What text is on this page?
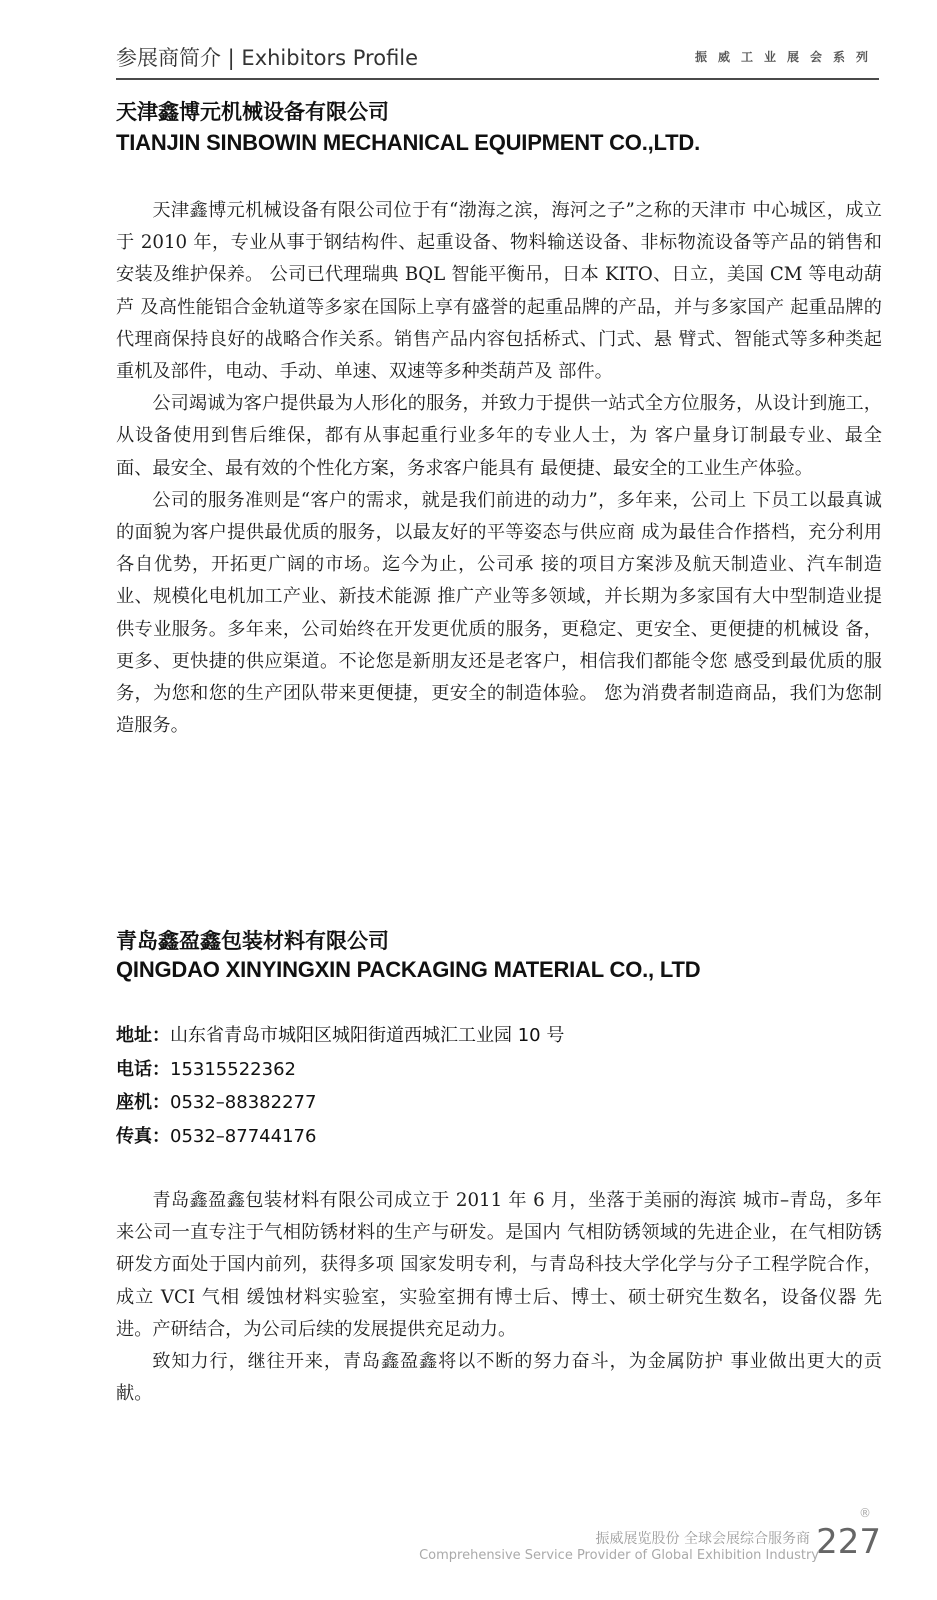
参展商简介 | Exhibitors Profile	振威工业展会系列
天津鑫博元机械设备有限公司
TIANJIN SINBOWIN MECHANICAL EQUIPMENT CO.,LTD.

天津鑫博元机械设备有限公司位于有“渤海之滨，海河之子”之称的天津市 中心城区，成立于 2010 年，专业从事于钢结构件、起重设备、物料输送设备、非标物流设备等产品的销售和安装及维护保养。 公司已代理瑞典 BQL 智能平衡吊，日本 KITO、日立，美国 CM 等电动葫芦 及高性能铝合金轨道等多家在国际上享有盛誉的起重品牌的产品，并与多家国产 起重品牌的代理商保持良好的战略合作关系。销售产品内容包括桥式、门式、悬 臂式、智能式等多种类起重机及部件，电动、手动、单速、双速等多种类葫芦及 部件。

公司竭诚为客户提供最为人形化的服务，并致力于提供一站式全方位服务，从设计到施工，从设备使用到售后维保，都有从事起重行业多年的专业人士，为 客户量身订制最专业、最全面、最安全、最有效的个性化方案，务求客户能具有 最便捷、最安全的工业生产体验。

公司的服务准则是“客户的需求，就是我们前进的动力”，多年来，公司上 下员工以最真诚的面貌为客户提供最优质的服务，以最友好的平等姿态与供应商 成为最佳合作搭档，充分利用各自优势，开拓更广阔的市场。迄今为止，公司承 接的项目方案涉及航天制造业、汽车制造业、规模化电机加工产业、新技术能源 推广产业等多领域，并长期为多家国有大中型制造业提供专业服务。多年来，公司始终在开发更优质的服务，更稳定、更安全、更便捷的机械设 备，更多、更快捷的供应渠道。不论您是新朋友还是老客户，相信我们都能令您 感受到最优质的服务，为您和您的生产团队带来更便捷，更安全的制造体验。 您为消费者制造商品，我们为您制造服务。

青岛鑫盈鑫包装材料有限公司
QINGDAO XINYINGXIN PACKAGING MATERIAL CO., LTD
地址：山东省青岛市城阳区城阳街道西城汇工业园 10 号
电话：15315522362
座机：0532–88382277
传真：0532–87744176

青岛鑫盈鑫包装材料有限公司成立于 2011 年 6 月，坐落于美丽的海滨 城市–青岛，多年来公司一直专注于气相防锈材料的生产与研发。是国内 气相防锈领域的先进企业，在气相防锈研发方面处于国内前列，获得多项 国家发明专利，与青岛科技大学化学与分子工程学院合作，成立 VCI 气相 缓蚀材料实验室，实验室拥有博士后、博士、硕士研究生数名，设备仪器 先进。产研结合，为公司后续的发展提供充足动力。

致知力行，继往开来，青岛鑫盈鑫将以不断的努力奋斗，为金属防护 事业做出更大的贡献。

振威展览股份 全球会展综合服务商
Comprehensive Service Provider of Global Exhibition Industry
®
227
